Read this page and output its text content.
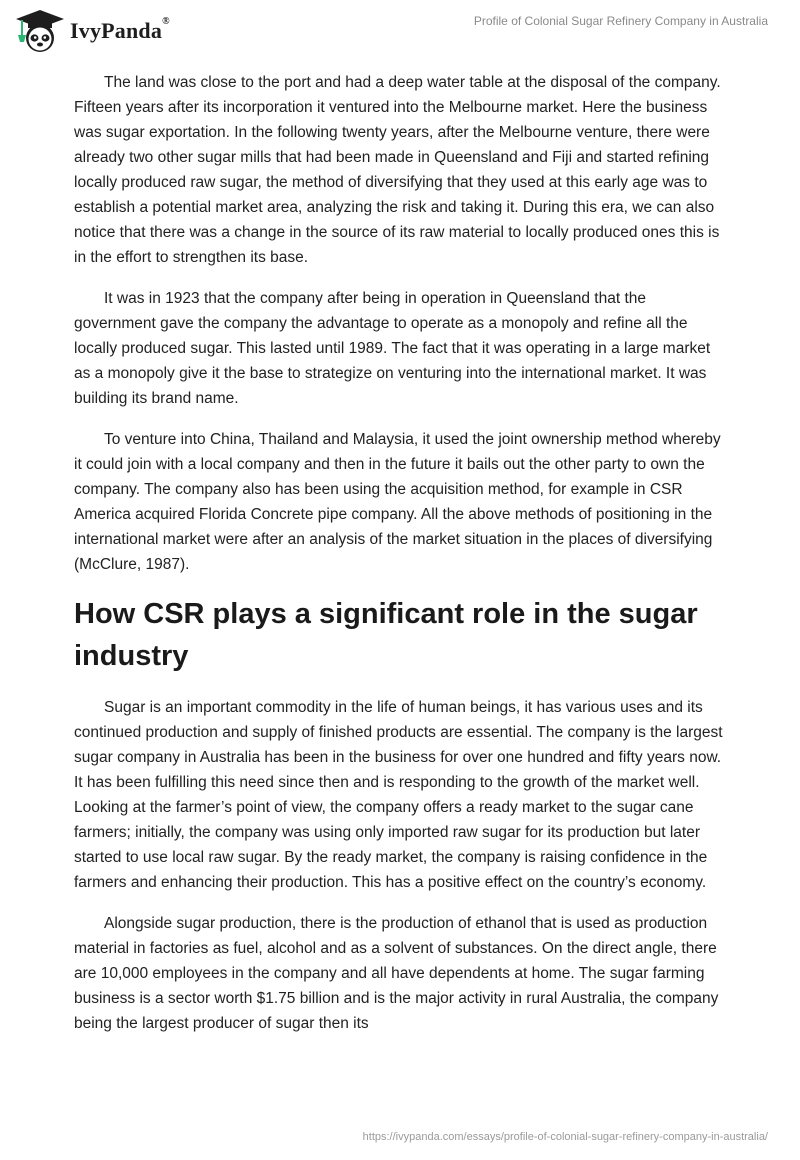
IvyPanda®	Profile of Colonial Sugar Refinery Company in Australia

The land was close to the port and had a deep water table at the disposal of the company. Fifteen years after its incorporation it ventured into the Melbourne market. Here the business was sugar exportation. In the following twenty years, after the Melbourne venture, there were already two other sugar mills that had been made in Queensland and Fiji and started refining locally produced raw sugar, the method of diversifying that they used at this early age was to establish a potential market area, analyzing the risk and taking it. During this era, we can also notice that there was a change in the source of its raw material to locally produced ones this is in the effort to strengthen its base.

It was in 1923 that the company after being in operation in Queensland that the government gave the company the advantage to operate as a monopoly and refine all the locally produced sugar. This lasted until 1989. The fact that it was operating in a large market as a monopoly give it the base to strategize on venturing into the international market. It was building its brand name.

To venture into China, Thailand and Malaysia, it used the joint ownership method whereby it could join with a local company and then in the future it bails out the other party to own the company. The company also has been using the acquisition method, for example in CSR America acquired Florida Concrete pipe company. All the above methods of positioning in the international market were after an analysis of the market situation in the places of diversifying (McClure, 1987).

How CSR plays a significant role in the sugar industry

Sugar is an important commodity in the life of human beings, it has various uses and its continued production and supply of finished products are essential. The company is the largest sugar company in Australia has been in the business for over one hundred and fifty years now. It has been fulfilling this need since then and is responding to the growth of the market well. Looking at the farmer’s point of view, the company offers a ready market to the sugar cane farmers; initially, the company was using only imported raw sugar for its production but later started to use local raw sugar. By the ready market, the company is raising confidence in the farmers and enhancing their production. This has a positive effect on the country’s economy.

Alongside sugar production, there is the production of ethanol that is used as production material in factories as fuel, alcohol and as a solvent of substances. On the direct angle, there are 10,000 employees in the company and all have dependents at home. The sugar farming business is a sector worth $1.75 billion and is the major activity in rural Australia, the company being the largest producer of sugar then its

https://ivypanda.com/essays/profile-of-colonial-sugar-refinery-company-in-australia/
